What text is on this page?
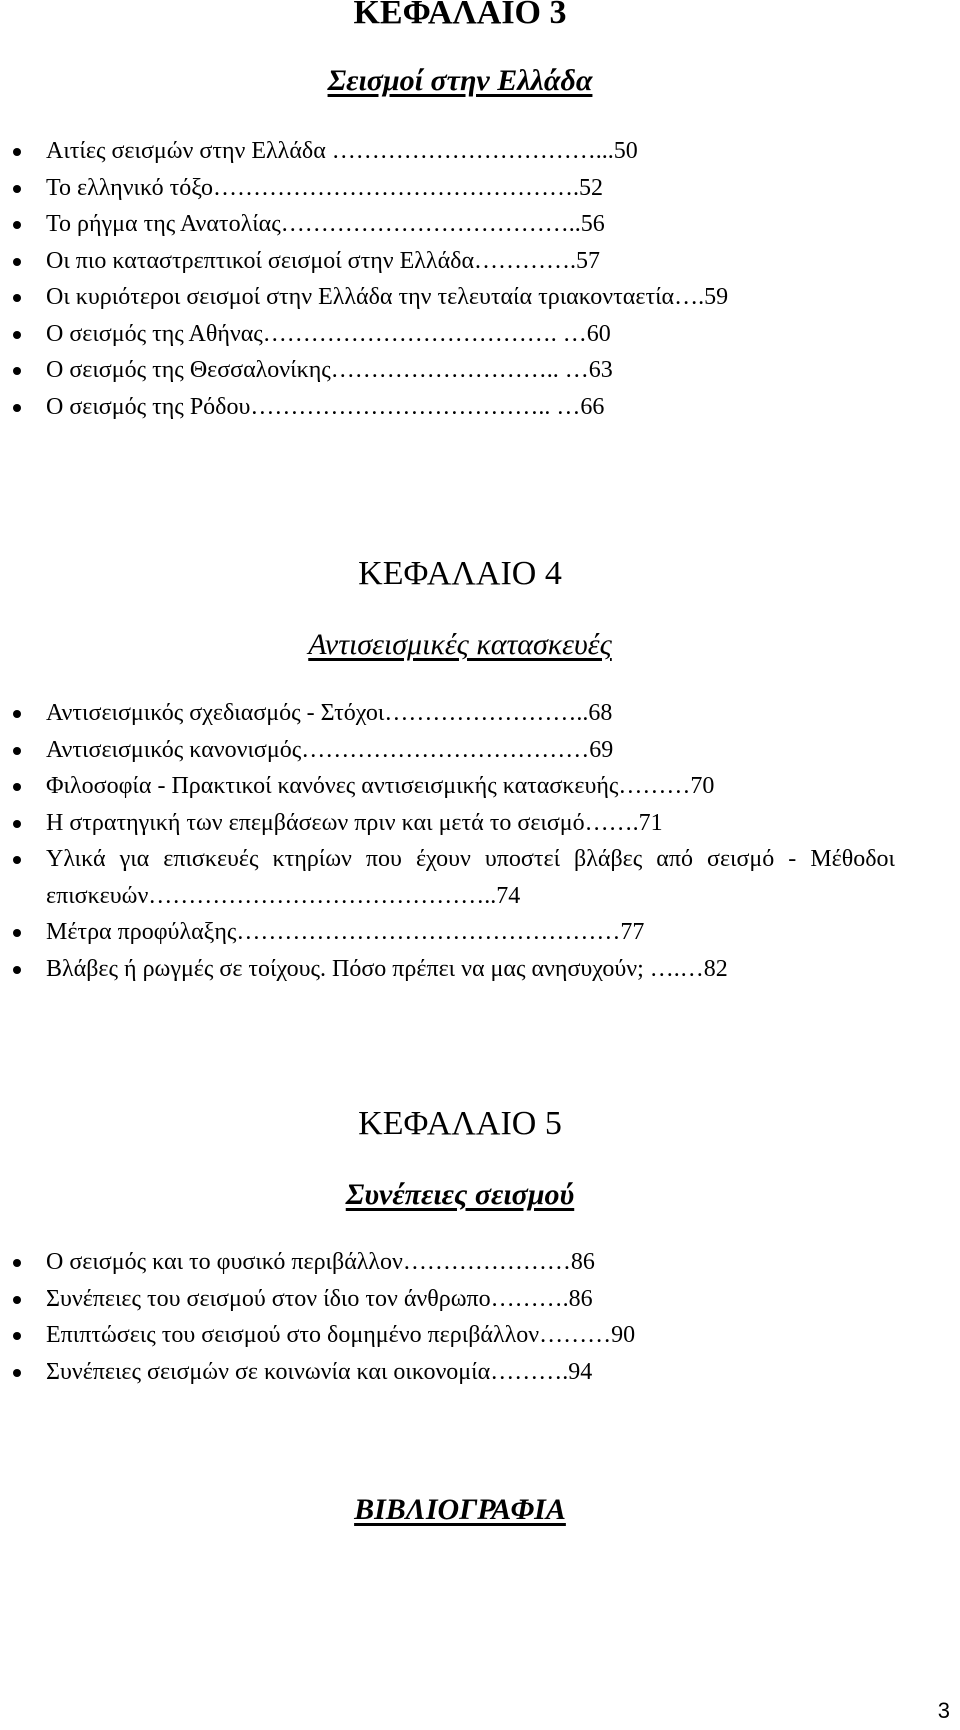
ΚΕΦΑΛΑΙΟ 3
Σεισμοί στην Ελλάδα
Αιτίες σεισμών στην Ελλάδα ……………………………...50
Το ελληνικό τόξο……………………………………….52
Το ρήγμα της Ανατολίας………………………………..56
Οι πιο καταστρεπτικοί σεισμοί στην Ελλάδα………….57
Οι κυριότεροι σεισμοί στην Ελλάδα την τελευταία τριακονταετία….59
Ο σεισμός της Αθήνας………………………………. …60
Ο σεισμός της Θεσσαλονίκης……………………….. …63
Ο σεισμός της Ρόδου……………………………….. …66
ΚΕΦΑΛΑΙΟ 4
Αντισεισμικές κατασκευές
Αντισεισμικός σχεδιασμός - Στόχοι……………………..68
Αντισεισμικός κανονισμός………………………………69
Φιλοσοφία - Πρακτικοί κανόνες αντισεισμικής κατασκευής………70
Η στρατηγική των επεμβάσεων πριν και μετά το σεισμό…….71
Υλικά για επισκευές κτηρίων που έχουν υποστεί βλάβες από σεισμό - Μέθοδοι επισκευών……………………………………..74
Μέτρα προφύλαξης…………………………………………77
Βλάβες ή ρωγμές σε τοίχους. Πόσο πρέπει να μας ανησυχούν; ….…82
ΚΕΦΑΛΑΙΟ 5
Συνέπειες σεισμού
Ο σεισμός και το φυσικό περιβάλλον…………………86
Συνέπειες του σεισμού στον ίδιο τον άνθρωπο……….86
Επιπτώσεις του σεισμού στο δομημένο περιβάλλον………90
Συνέπειες σεισμών σε κοινωνία και οικονομία……….94
ΒΙΒΛΙΟΓΡΑΦΙΑ
3
